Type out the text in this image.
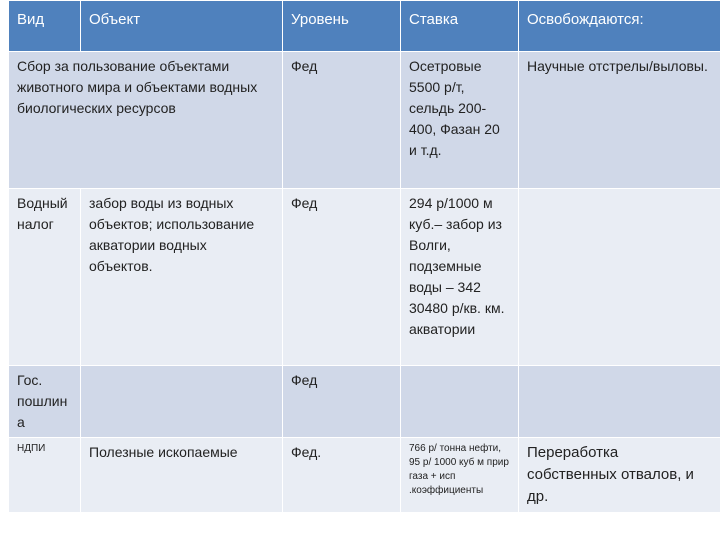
Вид	Объект	Уровень	Ставка	Освобождаются:
Сбор за пользование объектами животного мира и объектами водных биологических ресурсов		Фед	Осетровые 5500 р/т, сельдь 200-400, Фазан 20 и т.д.	Научные отстрелы/выловы.
Водный налог	забор воды из водных объектов; использование акватории водных объектов.	Фед	294 р/1000 м куб.– забор из Волги, подземные воды – 342 30480 р/кв. км. акватории	
Гос. пошлина		Фед		
НДПИ	Полезные ископаемые	Фед.	766 р/ тонна нефти, 95 р/ 1000 куб м прир газа + исп .коэффициенты	Переработка собственных отвалов, и др.
